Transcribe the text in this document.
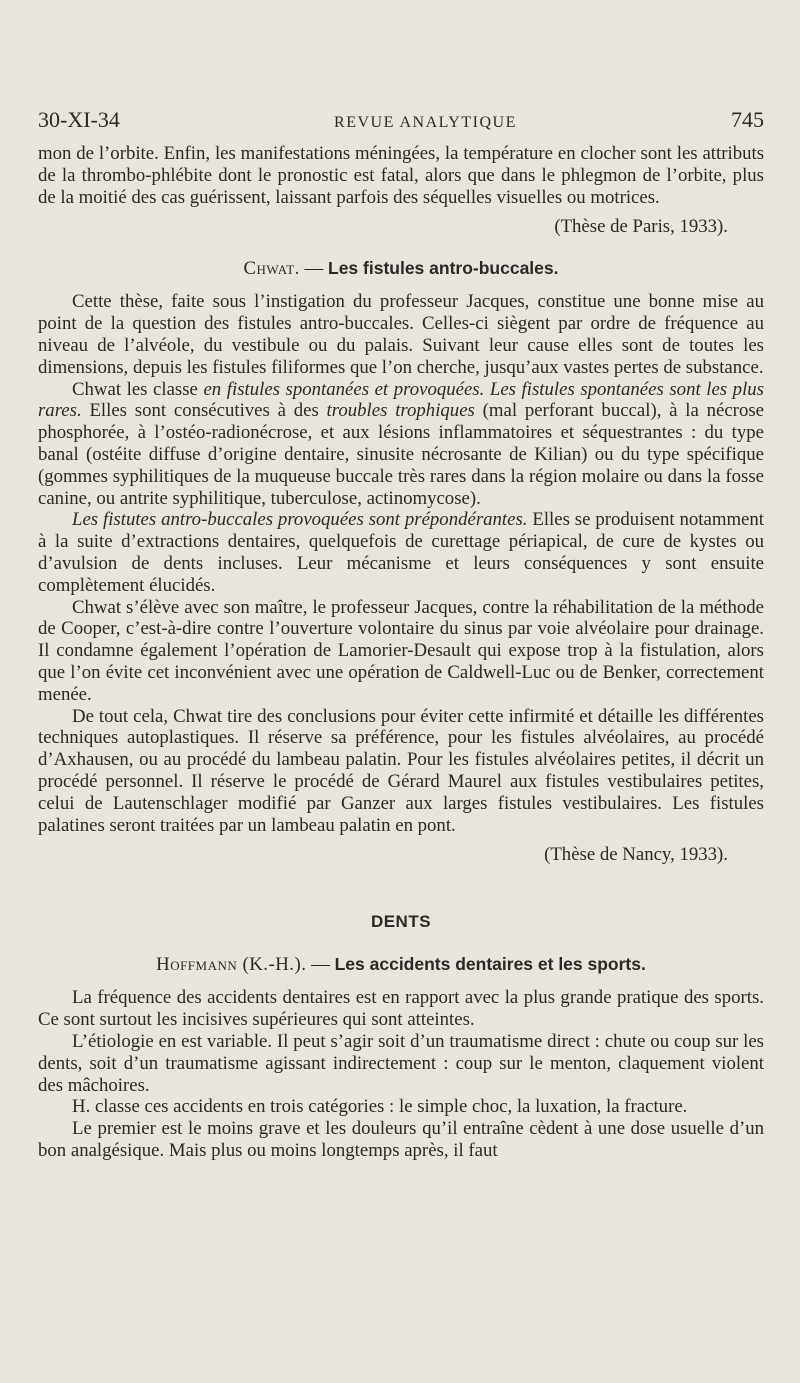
30-XI-34	REVUE ANALYTIQUE	745

mon de l’orbite. Enfin, les manifestations méningées, la température en clocher sont les attributs de la thrombo-phlébite dont le pronostic est fatal, alors que dans le phlegmon de l’orbite, plus de la moitié des cas guérissent, laissant parfois des séquelles visuelles ou motrices.

(Thèse de Paris, 1933).
Chwat. — Les fistules antro-buccales.

Cette thèse, faite sous l’instigation du professeur Jacques, constitue une bonne mise au point de la question des fistules antro-buccales. Celles-ci siègent par ordre de fréquence au niveau de l’alvéole, du vestibule ou du palais. Suivant leur cause elles sont de toutes les dimensions, depuis les fistules filiformes que l’on cherche, jusqu’aux vastes pertes de substance.

Chwat les classe en fistules spontanées et provoquées. Les fistules spontanées sont les plus rares. Elles sont consécutives à des troubles trophiques (mal perforant buccal), à la nécrose phosphorée, à l’ostéo-radionécrose, et aux lésions inflammatoires et séquestrantes : du type banal (ostéite diffuse d’origine dentaire, sinusite nécrosante de Kilian) ou du type spécifique (gommes syphilitiques de la muqueuse buccale très rares dans la région molaire ou dans la fosse canine, ou antrite syphilitique, tuberculose, actinomycose).

Les fistutes antro-buccales provoquées sont prépondérantes. Elles se produisent notamment à la suite d’extractions dentaires, quelquefois de curettage périapical, de cure de kystes ou d’avulsion de dents incluses. Leur mécanisme et leurs conséquences y sont ensuite complètement élucidés.

Chwat s’élève avec son maître, le professeur Jacques, contre la réhabilitation de la méthode de Cooper, c’est-à-dire contre l’ouverture volontaire du sinus par voie alvéolaire pour drainage. Il condamne également l’opération de Lamorier-Desault qui expose trop à la fistulation, alors que l’on évite cet inconvénient avec une opération de Caldwell-Luc ou de Benker, correctement menée.

De tout cela, Chwat tire des conclusions pour éviter cette infirmité et détaille les différentes techniques autoplastiques. Il réserve sa préférence, pour les fistules alvéolaires, au procédé d’Axhausen, ou au procédé du lambeau palatin. Pour les fistules alvéolaires petites, il décrit un procédé personnel. Il réserve le procédé de Gérard Maurel aux fistules vestibulaires petites, celui de Lautenschlager modifié par Ganzer aux larges fistules vestibulaires. Les fistules palatines seront traitées par un lambeau palatin en pont.

(Thèse de Nancy, 1933).
DENTS
Hoffmann (K.-H.). — Les accidents dentaires et les sports.

La fréquence des accidents dentaires est en rapport avec la plus grande pratique des sports. Ce sont surtout les incisives supérieures qui sont atteintes.

L’étiologie en est variable. Il peut s’agir soit d’un traumatisme direct : chute ou coup sur les dents, soit d’un traumatisme agissant indirectement : coup sur le menton, claquement violent des mâchoires.

H. classe ces accidents en trois catégories : le simple choc, la luxation, la fracture.

Le premier est le moins grave et les douleurs qu’il entraîne cèdent à une dose usuelle d’un bon analgésique. Mais plus ou moins longtemps après, il faut
